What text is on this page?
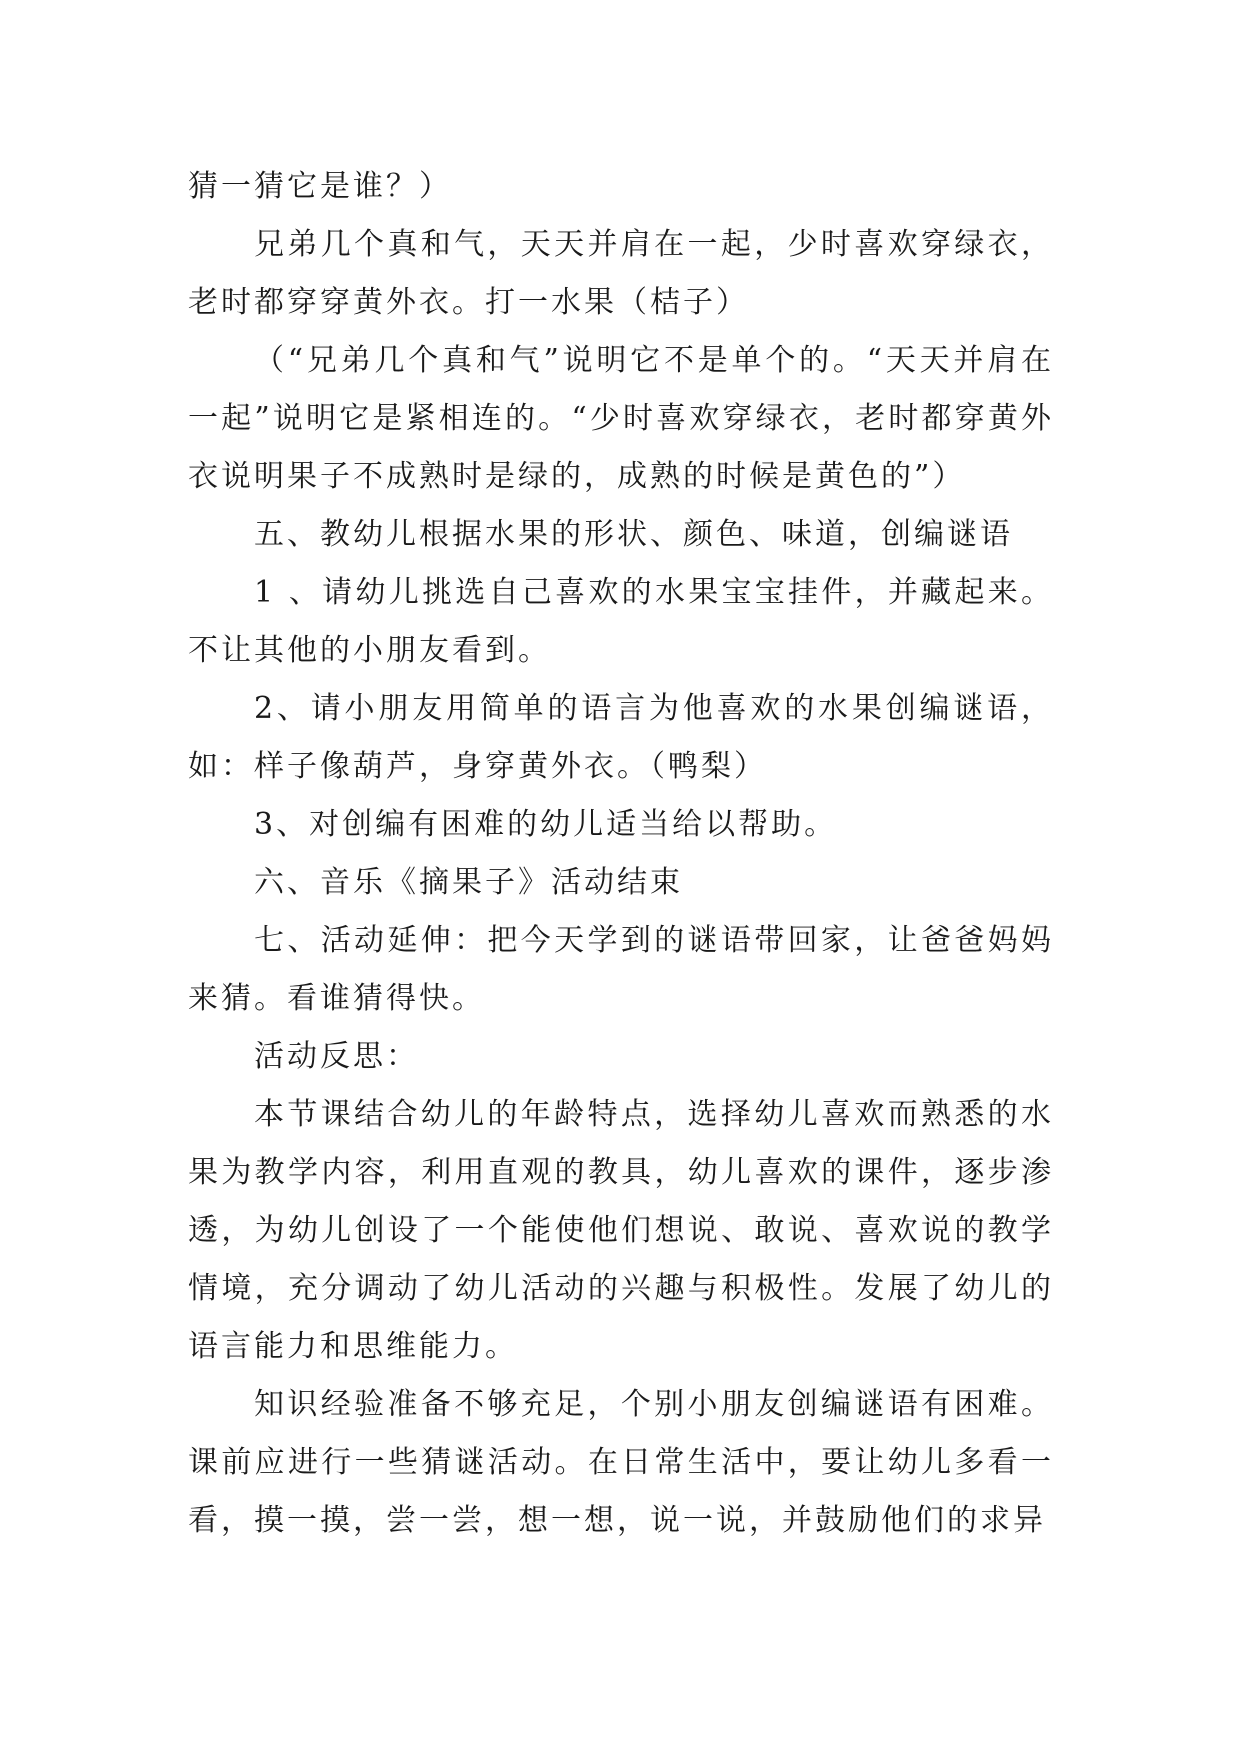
猜一猜它是谁？）

兄弟几个真和气，天天并肩在一起，少时喜欢穿绿衣，老时都穿穿黄外衣。打一水果（桔子）

（“兄弟几个真和气”说明它不是单个的。“天天并肩在一起”说明它是紧相连的。“少时喜欢穿绿衣，老时都穿黄外衣说明果子不成熟时是绿的，成熟的时候是黄色的”）

五、教幼儿根据水果的形状、颜色、味道，创编谜语

1 、请幼儿挑选自己喜欢的水果宝宝挂件，并藏起来。不让其他的小朋友看到。

2、请小朋友用简单的语言为他喜欢的水果创编谜语，如：样子像葫芦，身穿黄外衣。（鸭梨）

3、对创编有困难的幼儿适当给以帮助。

六、音乐《摘果子》活动结束

七、活动延伸：把今天学到的谜语带回家，让爸爸妈妈来猜。看谁猜得快。

活动反思：

本节课结合幼儿的年龄特点，选择幼儿喜欢而熟悉的水果为教学内容，利用直观的教具，幼儿喜欢的课件，逐步渗透，为幼儿创设了一个能使他们想说、敢说、喜欢说的教学情境，充分调动了幼儿活动的兴趣与积极性。发展了幼儿的语言能力和思维能力。

知识经验准备不够充足，个别小朋友创编谜语有困难。课前应进行一些猜谜活动。在日常生活中，要让幼儿多看一看，摸一摸，尝一尝，想一想，说一说，并鼓励他们的求异
